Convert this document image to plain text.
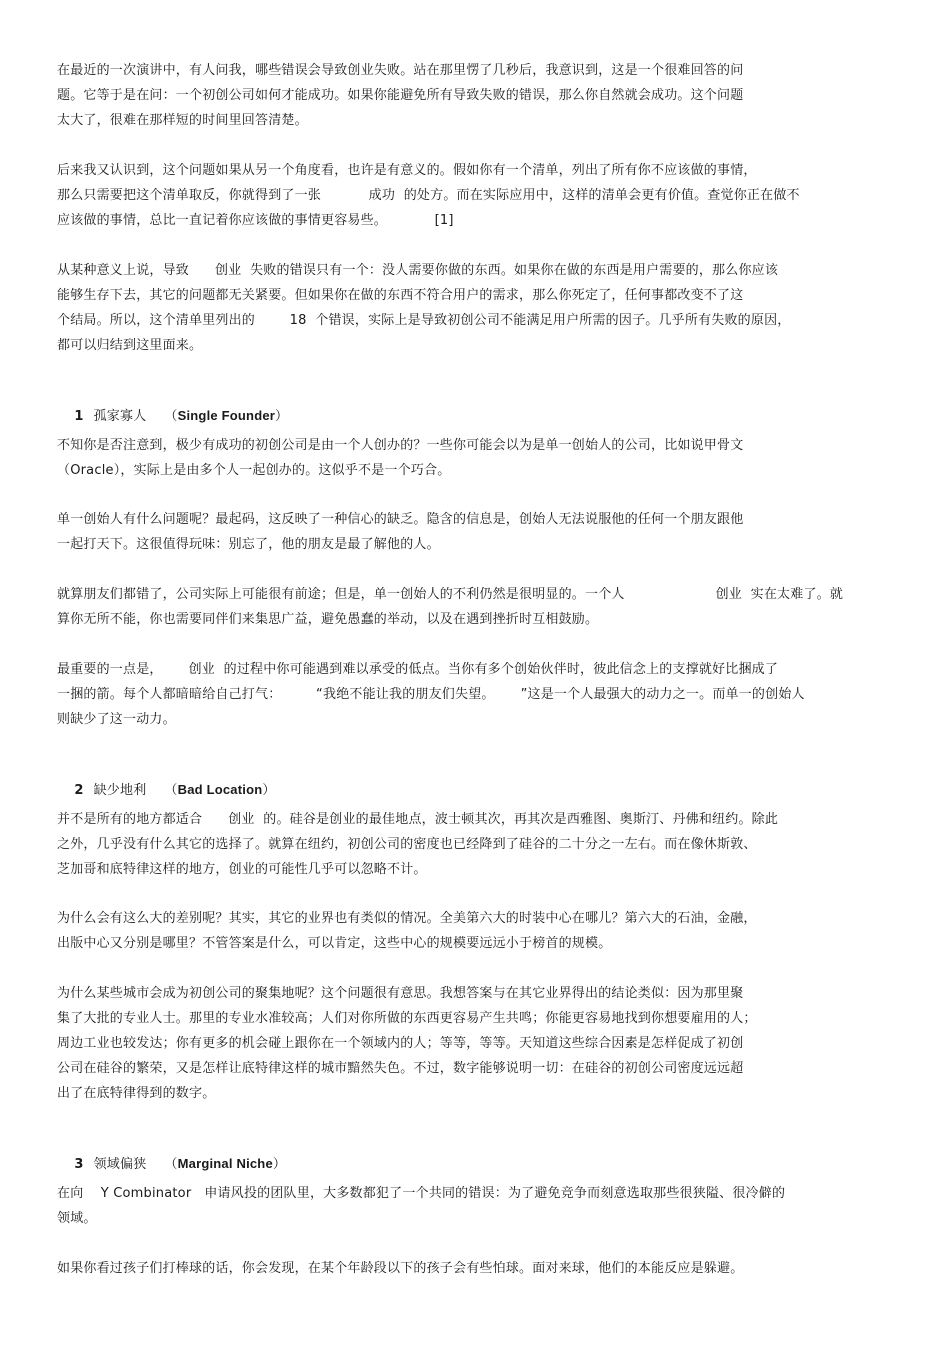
在最近的一次演讲中，有人问我，哪些错误会导致创业失败。站在那里愣了几秒后，我意识到，这是一个很难回答的问
题。它等于是在问：一个初创公司如何才能成功。如果你能避免所有导致失败的错误，那么你自然就会成功。这个问题
太大了，很难在那样短的时间里回答清楚。
后来我又认识到，这个问题如果从另一个角度看，也许是有意义的。假如你有一个清单，列出了所有你不应该做的事情，
那么只需要把这个清单取反，你就得到了一张           成功  的处方。而在实际应用中，这样的清单会更有价值。查觉你正在做不
应该做的事情，总比一直记着你应该做的事情更容易些。           [1]
从某种意义上说，导致      创业  失败的错误只有一个：没人需要你做的东西。如果你在做的东西是用户需要的，那么你应该
能够生存下去，其它的问题都无关紧要。但如果你在做的东西不符合用户的需求，那么你死定了，任何事都改变不了这
个结局。所以，这个清单里列出的        18  个错误，实际上是导致初创公司不能满足用户所需的因子。几乎所有失败的原因，
都可以归结到这里面来。

1 孤家寡人 （Single Founder）

不知你是否注意到，极少有成功的初创公司是由一个人创办的？一些你可能会以为是单一创始人的公司，比如说甲骨文
（Oracle），实际上是由多个人一起创办的。这似乎不是一个巧合。
单一创始人有什么问题呢？最起码，这反映了一种信心的缺乏。隐含的信息是，创始人无法说服他的任何一个朋友跟他
一起打天下。这很值得玩味：别忘了，他的朋友是最了解他的人。
就算朋友们都错了，公司实际上可能很有前途；但是，单一创始人的不利仍然是很明显的。一个人                     创业  实在太难了。就
算你无所不能，你也需要同伴们来集思广益，避免愚蠢的举动，以及在遇到挫折时互相鼓励。
最重要的一点是，      创业  的过程中你可能遇到难以承受的低点。当你有多个创始伙伴时，彼此信念上的支撑就好比捆成了
一捆的箭。每个人都暗暗给自己打气：        “我绝不能让我的朋友们失望。      ”这是一个人最强大的动力之一。而单一的创始人
则缺少了这一动力。

2 缺少地利 （Bad Location）

并不是所有的地方都适合      创业  的。硅谷是创业的最佳地点，波士顿其次，再其次是西雅图、奥斯汀、丹佛和纽约。除此
之外，几乎没有什么其它的选择了。就算在纽约，初创公司的密度也已经降到了硅谷的二十分之一左右。而在像休斯敦、
芝加哥和底特律这样的地方，创业的可能性几乎可以忽略不计。
为什么会有这么大的差别呢？其实，其它的业界也有类似的情况。全美第六大的时装中心在哪儿？第六大的石油，金融，
出版中心又分别是哪里？不管答案是什么，可以肯定，这些中心的规模要远远小于榜首的规模。
为什么某些城市会成为初创公司的聚集地呢？这个问题很有意思。我想答案与在其它业界得出的结论类似：因为那里聚
集了大批的专业人士。那里的专业水准较高；人们对你所做的东西更容易产生共鸣；你能更容易地找到你想要雇用的人；
周边工业也较发达；你有更多的机会碰上跟你在一个领域内的人；等等，等等。天知道这些综合因素是怎样促成了初创
公司在硅谷的繁荣，又是怎样让底特律这样的城市黯然失色。不过，数字能够说明一切：在硅谷的初创公司密度远远超
出了在底特律得到的数字。

3 领域偏狭 （Marginal Niche）

在向    Y Combinator   申请风投的团队里，大多数都犯了一个共同的错误：为了避免竞争而刻意选取那些很狭隘、很冷僻的
领域。
如果你看过孩子们打棒球的话，你会发现，在某个年龄段以下的孩子会有些怕球。面对来球，他们的本能反应是躲避。
